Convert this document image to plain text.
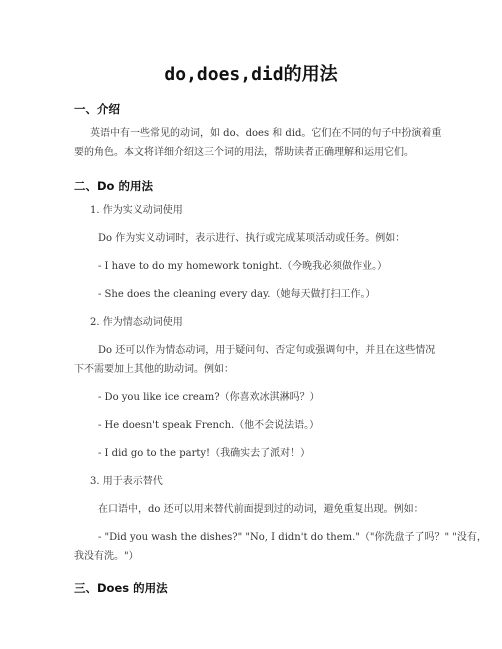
do,does,did的用法
一、介绍
英语中有一些常见的动词，如 do、does 和 did。它们在不同的句子中扮演着重
要的角色。本文将详细介绍这三个词的用法，帮助读者正确理解和运用它们。
二、Do 的用法
1. 作为实义动词使用
Do 作为实义动词时，表示进行、执行或完成某项活动或任务。例如：
- I have to do my homework tonight.（今晚我必须做作业。）
- She does the cleaning every day.（她每天做打扫工作。）
2. 作为情态动词使用
Do 还可以作为情态动词，用于疑问句、否定句或强调句中，并且在这些情况
下不需要加上其他的助动词。例如：
- Do you like ice cream?（你喜欢冰淇淋吗？）
- He doesn't speak French.（他不会说法语。）
- I did go to the party!（我确实去了派对！）
3. 用于表示替代
在口语中，do 还可以用来替代前面提到过的动词，避免重复出现。例如：
- "Did you wash the dishes?" "No, I didn't do them."（"你洗盘子了吗？" "没有，
我没有洗。"）
三、Does 的用法
